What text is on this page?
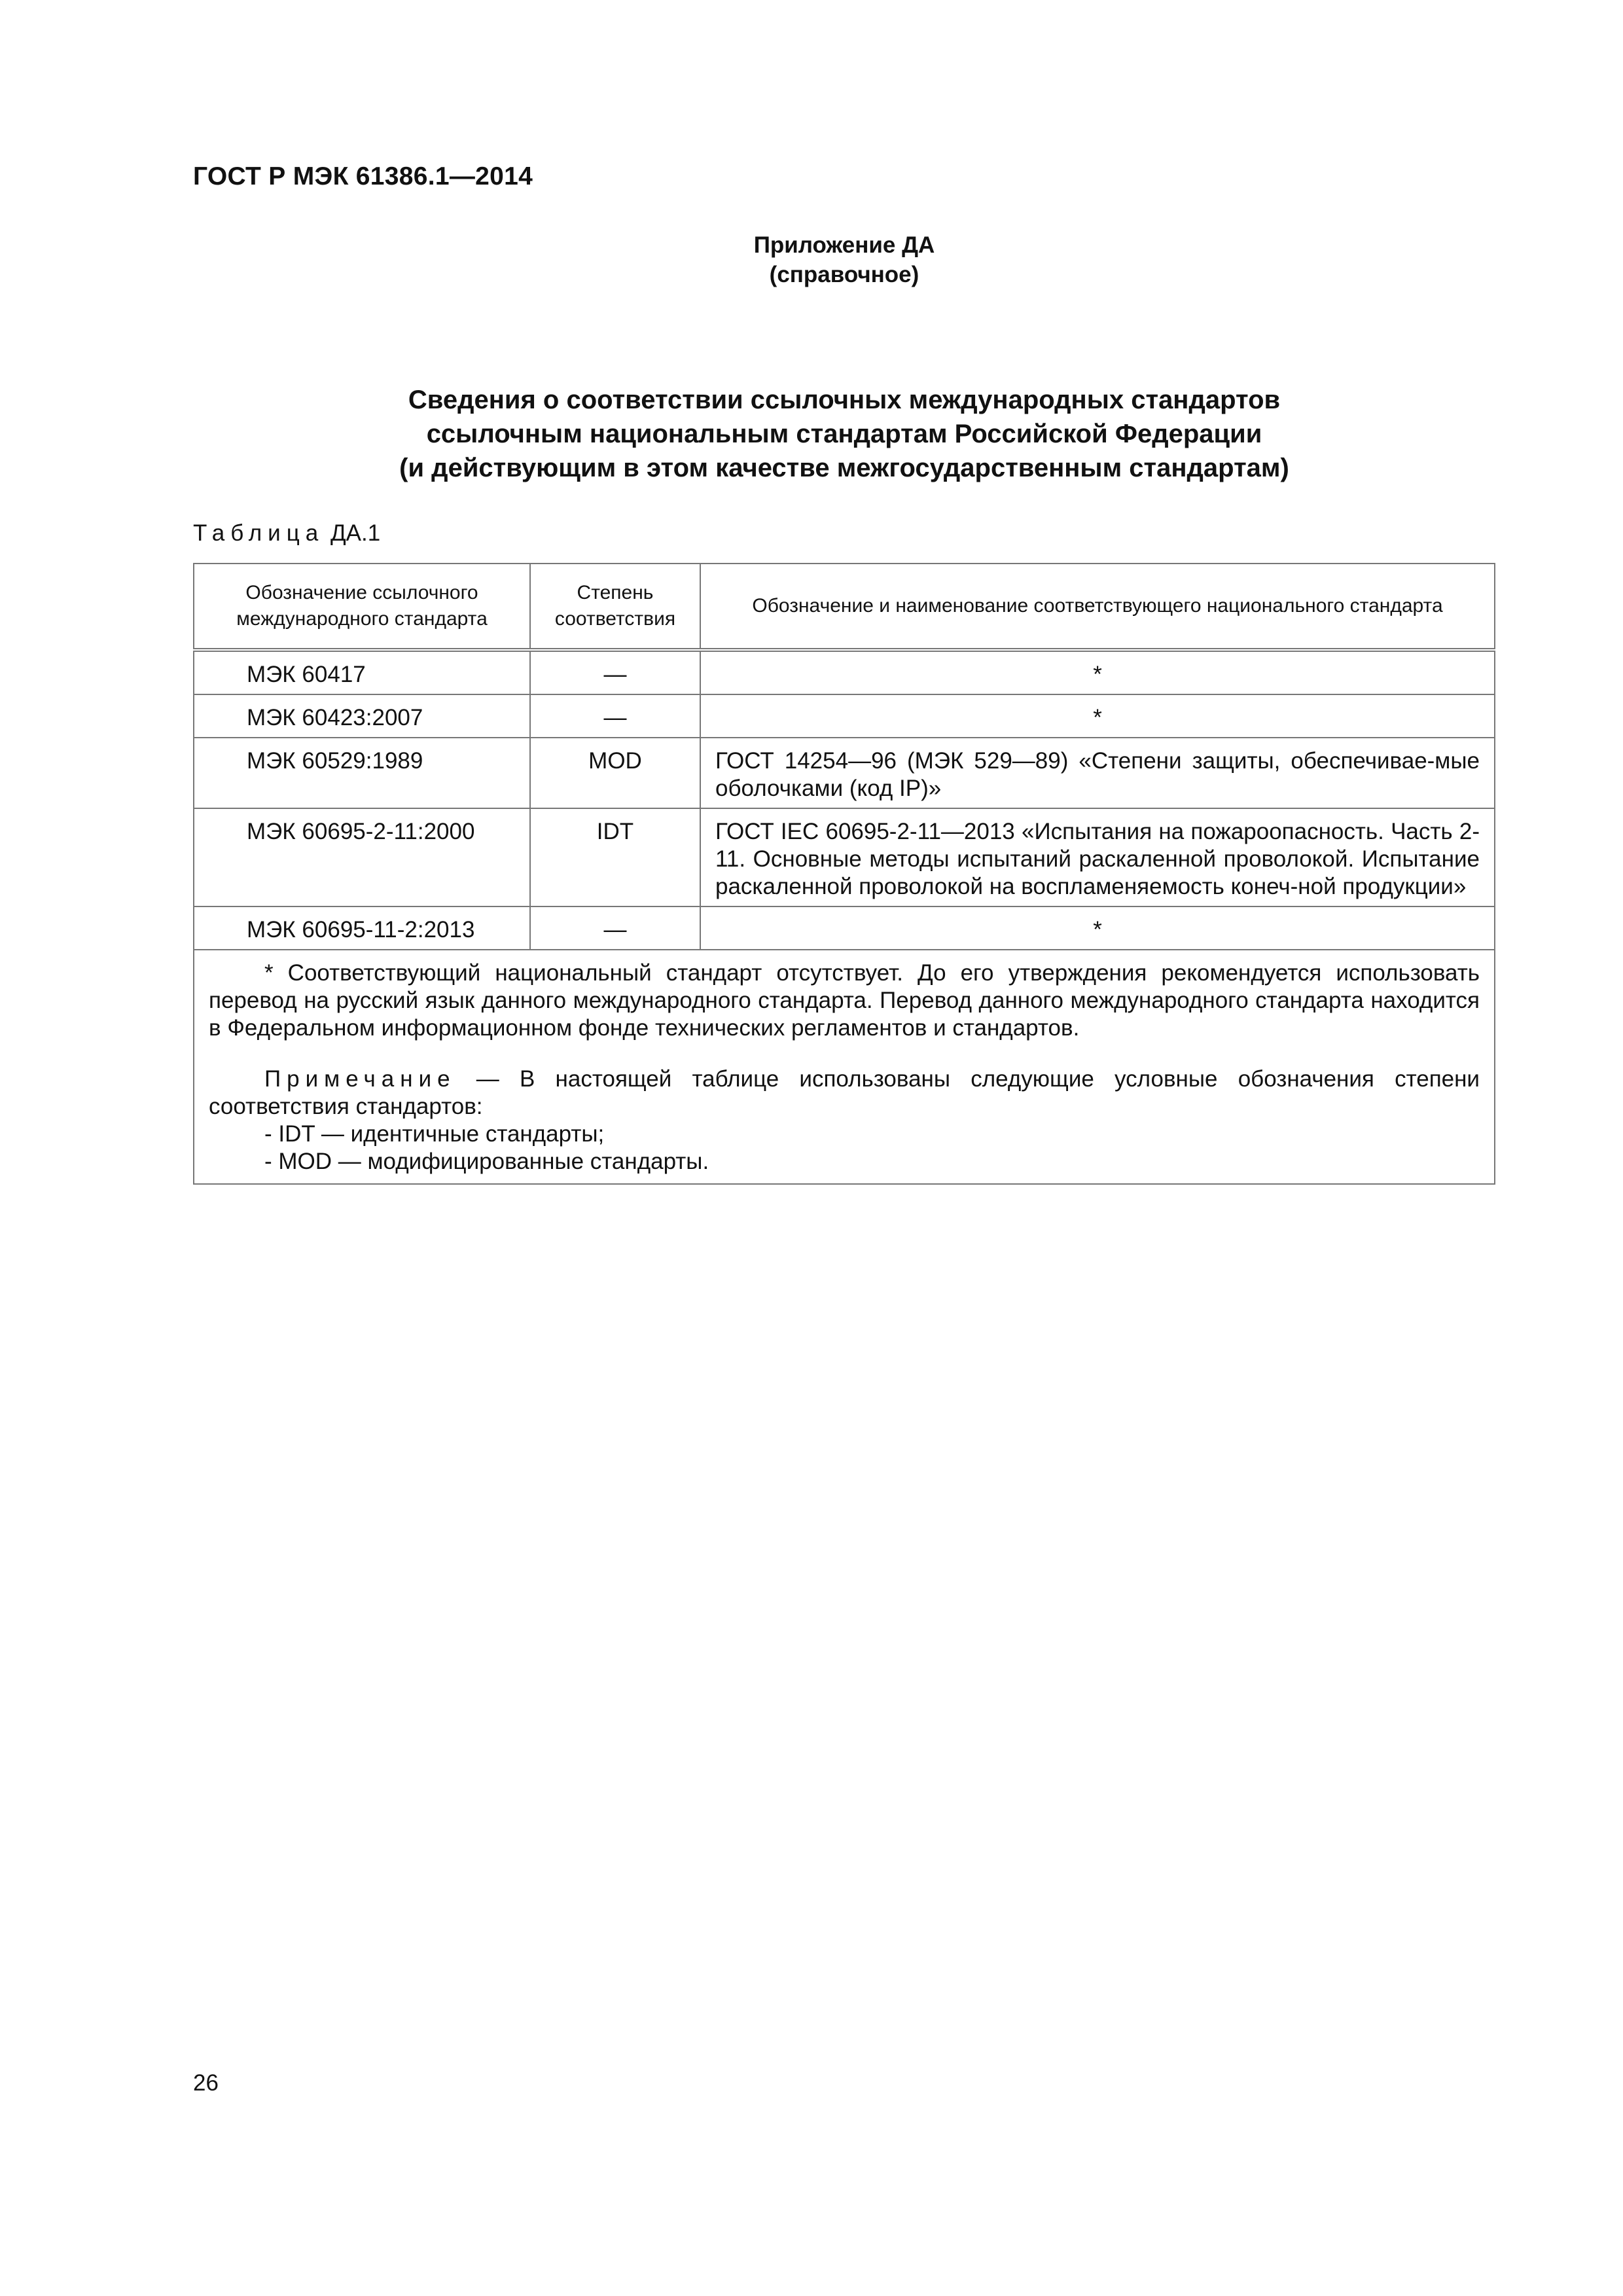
ГОСТ Р МЭК 61386.1—2014
Приложение ДА
(справочное)
Сведения о соответствии ссылочных международных стандартов
ссылочным национальным стандартам Российской Федерации
(и действующим в этом качестве межгосударственным стандартам)
Таблица ДА.1
Обозначение ссылочного международного стандарта	Степень соответствия	Обозначение и наименование соответствующего национального стандарта
МЭК 60417	—	*
МЭК 60423:2007	—	*
МЭК 60529:1989	MOD	ГОСТ 14254—96 (МЭК 529—89) «Степени защиты, обеспечивае-мые оболочками (код IP)»
МЭК 60695-2-11:2000	IDT	ГОСТ IEC 60695-2-11—2013 «Испытания на пожароопасность. Часть 2-11. Основные методы испытаний раскаленной проволокой. Испытание раскаленной проволокой на воспламеняемость конеч-ной продукции»
МЭК 60695-11-2:2013	—	*

* Соответствующий национальный стандарт отсутствует. До его утверждения рекомендуется использовать перевод на русский язык данного международного стандарта. Перевод данного международного стандарта находится в Федеральном информационном фонде технических регламентов и стандартов.

Примечание — В настоящей таблице использованы следующие условные обозначения степени соответствия стандартов:

- IDT — идентичные стандарты;

- MOD — модифицированные стандарты.		

26
